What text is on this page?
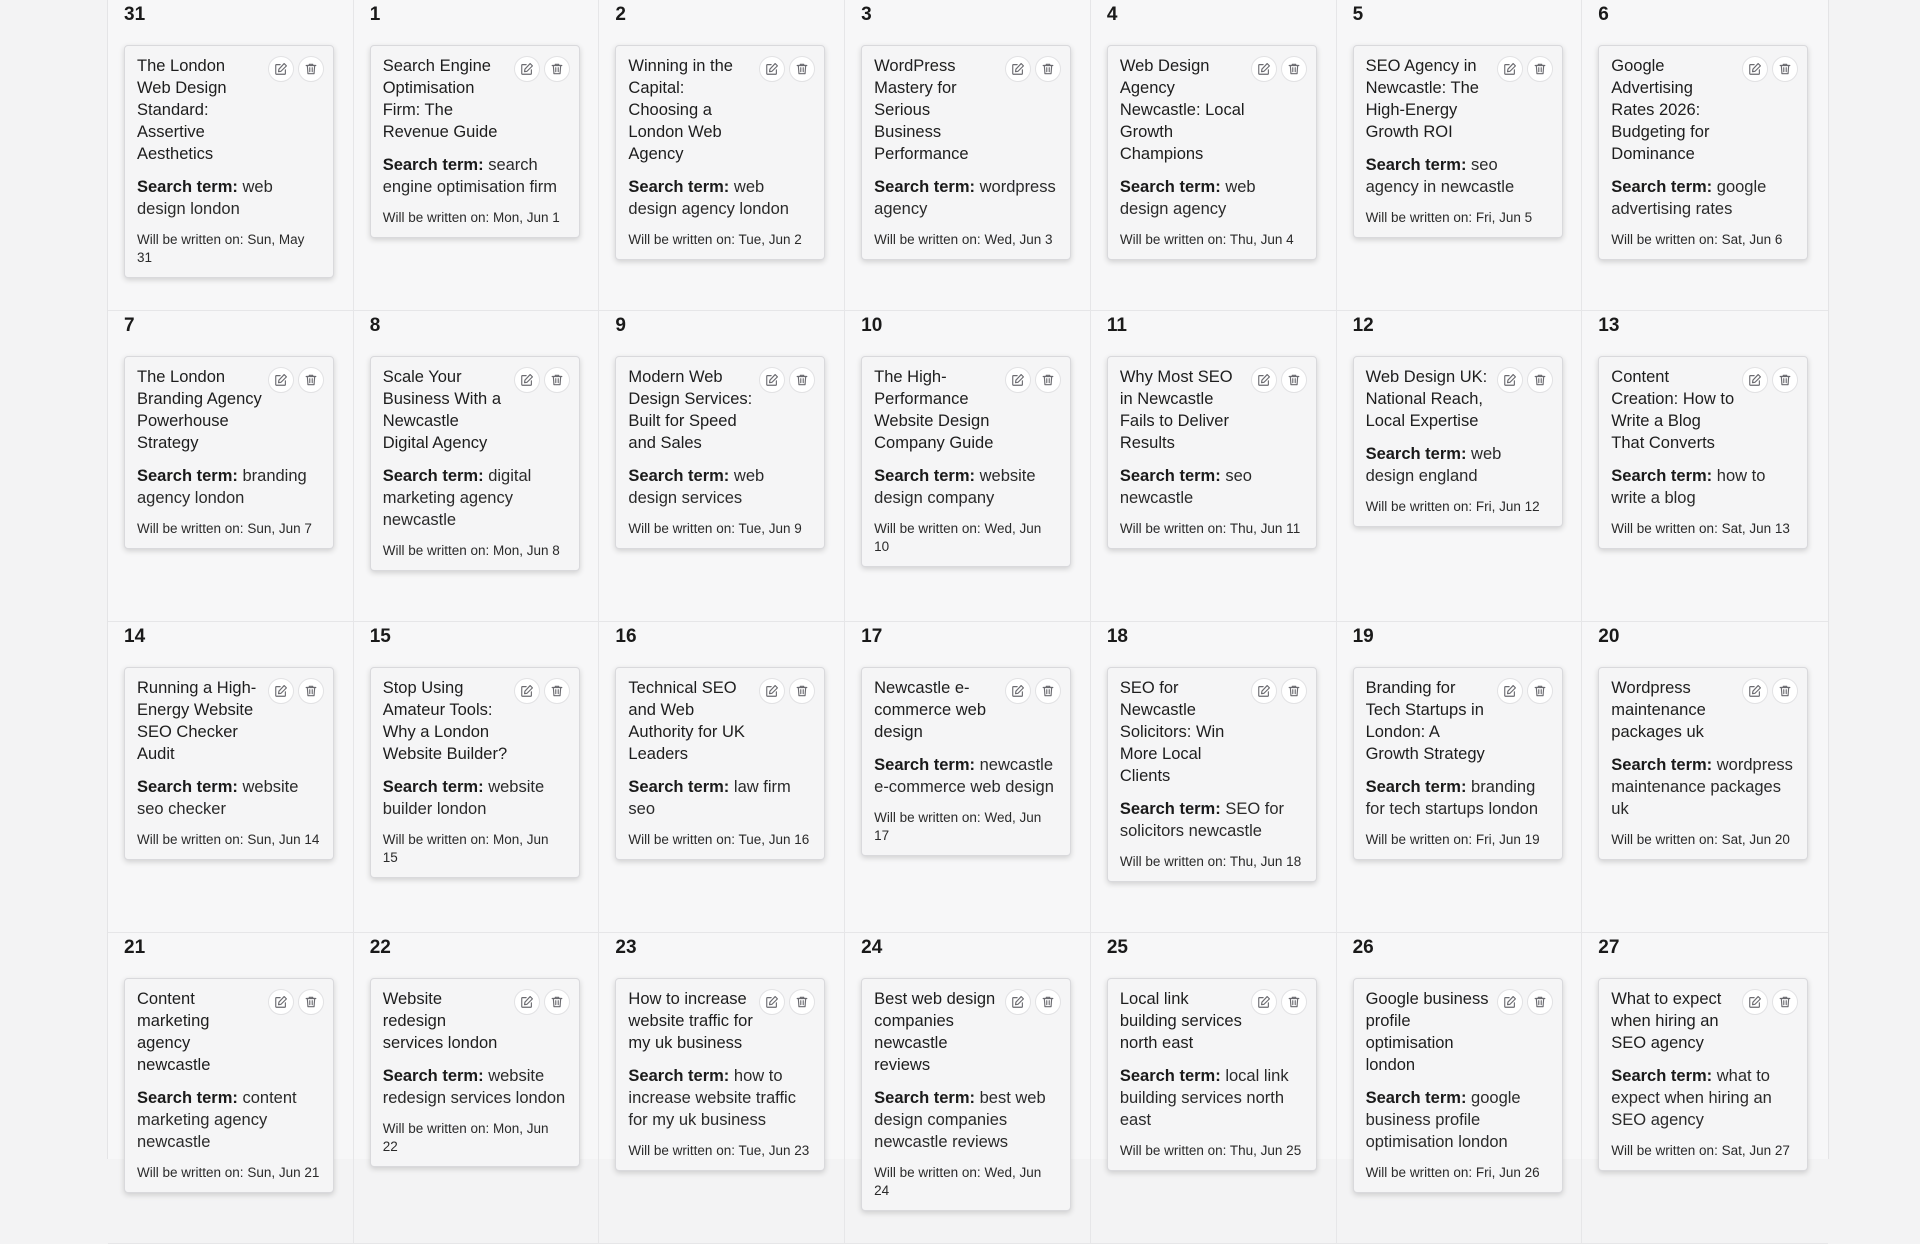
31
The London Web Design Standard: Assertive Aesthetics
Search term: web design london
Will be written on: Sun, May 31
1
Search Engine Optimisation Firm: The Revenue Guide
Search term: search engine optimisation firm
Will be written on: Mon, Jun 1
2
Winning in the Capital: Choosing a London Web Agency
Search term: web design agency london
Will be written on: Tue, Jun 2
3
WordPress Mastery for Serious Business Performance
Search term: wordpress agency
Will be written on: Wed, Jun 3
4
Web Design Agency Newcastle: Local Growth Champions
Search term: web design agency
Will be written on: Thu, Jun 4
5
SEO Agency in Newcastle: The High-Energy Growth ROI
Search term: seo agency in newcastle
Will be written on: Fri, Jun 5
6
Google Advertising Rates 2026: Budgeting for Dominance
Search term: google advertising rates
Will be written on: Sat, Jun 6
7
The London Branding Agency Powerhouse Strategy
Search term: branding agency london
Will be written on: Sun, Jun 7
8
Scale Your Business With a Newcastle Digital Agency
Search term: digital marketing agency newcastle
Will be written on: Mon, Jun 8
9
Modern Web Design Services: Built for Speed and Sales
Search term: web design services
Will be written on: Tue, Jun 9
10
The High-Performance Website Design Company Guide
Search term: website design company
Will be written on: Wed, Jun 10
11
Why Most SEO in Newcastle Fails to Deliver Results
Search term: seo newcastle
Will be written on: Thu, Jun 11
12
Web Design UK: National Reach, Local Expertise
Search term: web design england
Will be written on: Fri, Jun 12
13
Content Creation: How to Write a Blog That Converts
Search term: how to write a blog
Will be written on: Sat, Jun 13
14
Running a High-Energy Website SEO Checker Audit
Search term: website seo checker
Will be written on: Sun, Jun 14
15
Stop Using Amateur Tools: Why a London Website Builder?
Search term: website builder london
Will be written on: Mon, Jun 15
16
Technical SEO and Web Authority for UK Leaders
Search term: law firm seo
Will be written on: Tue, Jun 16
17
Newcastle e-commerce web design
Search term: newcastle e-commerce web design
Will be written on: Wed, Jun 17
18
SEO for Newcastle Solicitors: Win More Local Clients
Search term: SEO for solicitors newcastle
Will be written on: Thu, Jun 18
19
Branding for Tech Startups in London: A Growth Strategy
Search term: branding for tech startups london
Will be written on: Fri, Jun 19
20
Wordpress maintenance packages uk
Search term: wordpress maintenance packages uk
Will be written on: Sat, Jun 20
21
Content marketing agency newcastle
Search term: content marketing agency newcastle
Will be written on: Sun, Jun 21
22
Website redesign services london
Search term: website redesign services london
Will be written on: Mon, Jun 22
23
How to increase website traffic for my uk business
Search term: how to increase website traffic for my uk business
Will be written on: Tue, Jun 23
24
Best web design companies newcastle reviews
Search term: best web design companies newcastle reviews
Will be written on: Wed, Jun 24
25
Local link building services north east
Search term: local link building services north east
Will be written on: Thu, Jun 25
26
Google business profile optimisation london
Search term: google business profile optimisation london
Will be written on: Fri, Jun 26
27
What to expect when hiring an SEO agency
Search term: what to expect when hiring an SEO agency
Will be written on: Sat, Jun 27
